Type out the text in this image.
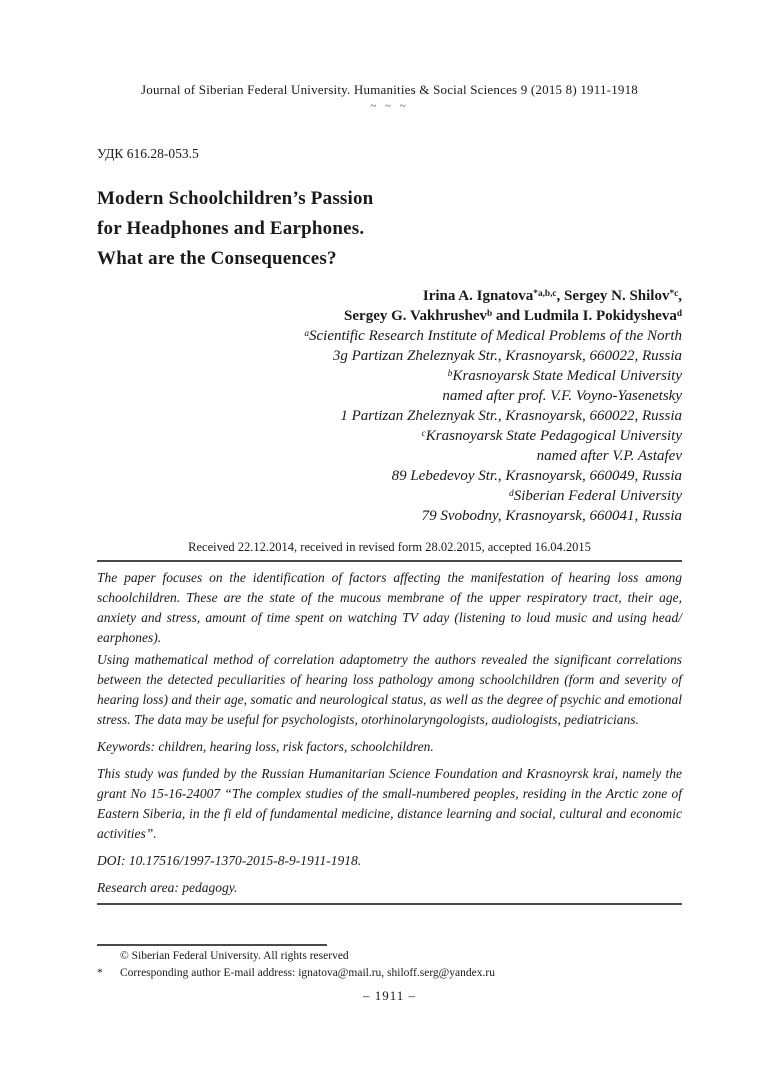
Journal of Siberian Federal University. Humanities & Social Sciences 9 (2015 8) 1911-1918
~ ~ ~
УДК 616.28-053.5
Modern Schoolchildren’s Passion
for Headphones and Earphones.
What are the Consequences?
Irina A. Ignatova$^{*a,b,c}$, Sergey N. Shilov$^{*c}$,
Sergey G. Vakhrushev$^b$ and Ludmila I. Pokidysheva$^d$
$^a$Scientific Research Institute of Medical Problems of the North
3g Partizan Zheleznyak Str., Krasnoyarsk, 660022, Russia
$^b$Krasnoyarsk State Medical University
named after prof. V.F. Voyno-Yasenetsky
1 Partizan Zheleznyak Str., Krasnoyarsk, 660022, Russia
$^c$Krasnoyarsk State Pedagogical University
named after V.P. Astafev
89 Lebedevoy Str., Krasnoyarsk, 660049, Russia
$^d$Siberian Federal University
79 Svobodny, Krasnoyarsk, 660041, Russia
Received 22.12.2014, received in revised form 28.02.2015, accepted 16.04.2015
The paper focuses on the identification of factors affecting the manifestation of hearing loss among schoolchildren. These are the state of the mucous membrane of the upper respiratory tract, their age, anxiety and stress, amount of time spent on watching TV aday (listening to loud music and using head/ earphones).
Using mathematical method of correlation adaptometry the authors revealed the significant correlations between the detected peculiarities of hearing loss pathology among schoolchildren (form and severity of hearing loss) and their age, somatic and neurological status, as well as the degree of psychic and emotional stress. The data may be useful for psychologists, otorhinolaryngologists, audiologists, pediatricians.
Keywords: children, hearing loss, risk factors, schoolchildren.
This study was funded by the Russian Humanitarian Science Foundation and Krasnoyrsk krai, namely the grant No 15-16-24007 “The complex studies of the small-numbered peoples, residing in the Arctic zone of Eastern Siberia, in the fi eld of fundamental medicine, distance learning and social, cultural and economic activities”.
DOI: 10.17516/1997-1370-2015-8-9-1911-1918.
Research area: pedagogy.
© Siberian Federal University. All rights reserved
*	Corresponding author E-mail address: ignatova@mail.ru, shiloff.serg@yandex.ru
– 1911 –
